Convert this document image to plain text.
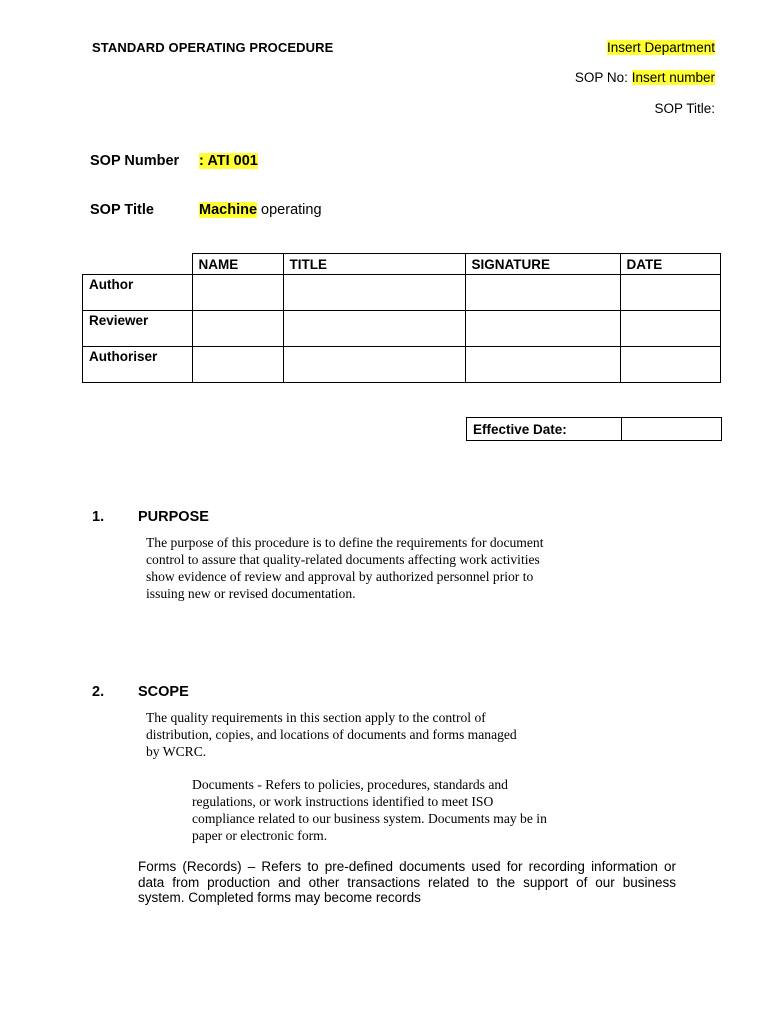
STANDARD OPERATING PROCEDURE	Insert Department
SOP No: Insert number
SOP Title:
SOP Number : ATI 001
SOP Title	Machine operating
	NAME	TITLE	SIGNATURE	DATE
Author				
Reviewer				
Authoriser				
Effective Date:	
1. PURPOSE
The purpose of this procedure is to define the requirements for document
control to assure that quality-related documents affecting work activities
show evidence of review and approval by authorized personnel prior to
issuing new or revised documentation.
2. SCOPE
The quality requirements in this section apply to the control of
distribution, copies, and locations of documents and forms managed
by WCRC.
Documents - Refers to policies, procedures, standards and
regulations, or work instructions identified to meet ISO
compliance related to our business system. Documents may be in
paper or electronic form.
Forms (Records) – Refers to pre-defined documents used for recording information or data from production and other transactions related to the support of our business system. Completed forms may become records
